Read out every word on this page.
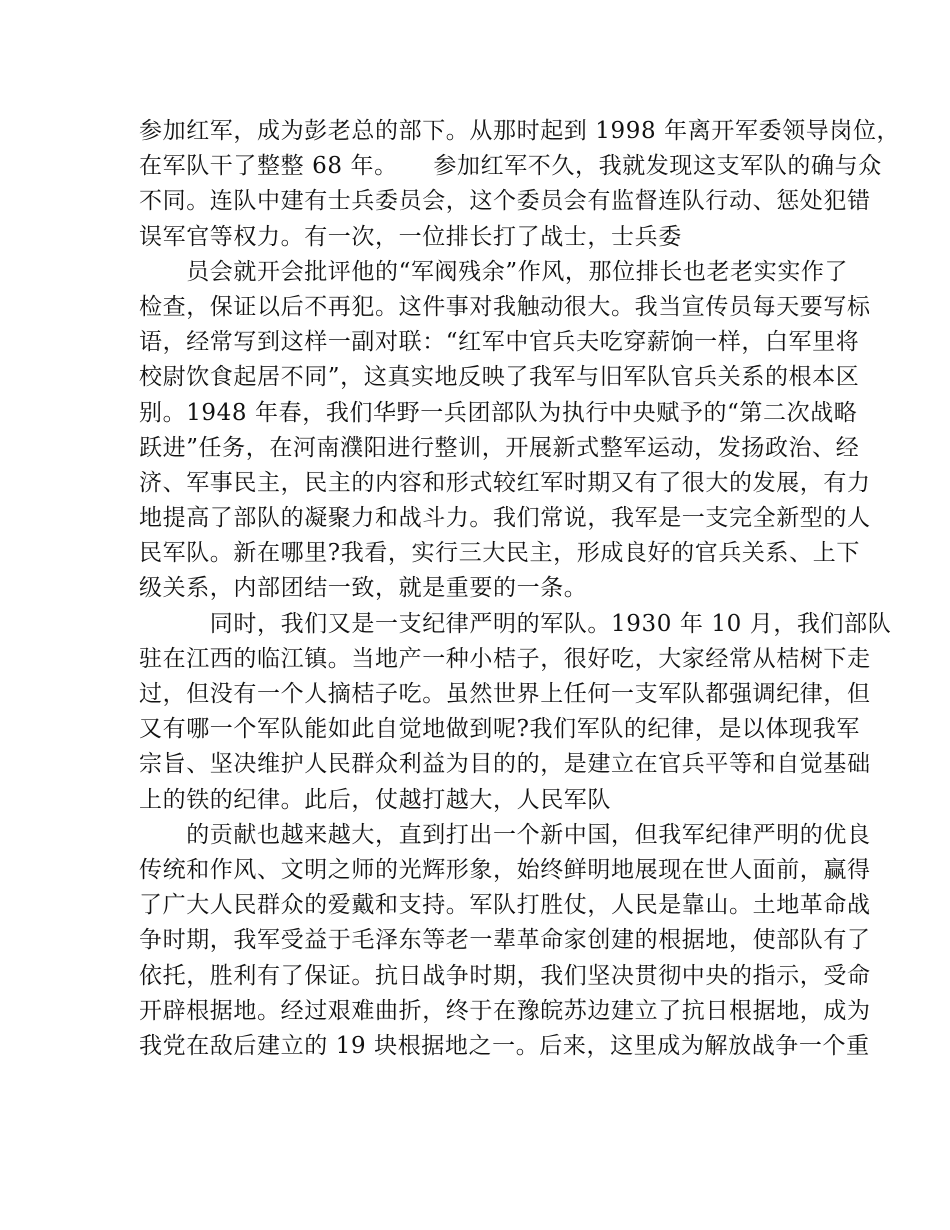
参加红军，成为彭老总的部下。从那时起到 1998 年离开军委领导岗位，
在军队干了整整 68 年。　　参加红军不久，我就发现这支军队的确与众
不同。连队中建有士兵委员会，这个委员会有监督连队行动、惩处犯错
误军官等权力。有一次，一位排长打了战士，士兵委
　　员会就开会批评他的“军阀残余”作风，那位排长也老老实实作了
检查，保证以后不再犯。这件事对我触动很大。我当宣传员每天要写标
语，经常写到这样一副对联：“红军中官兵夫吃穿薪饷一样，白军里将
校尉饮食起居不同”，这真实地反映了我军与旧军队官兵关系的根本区
别。1948 年春，我们华野一兵团部队为执行中央赋予的“第二次战略
跃进”任务，在河南濮阳进行整训，开展新式整军运动，发扬政治、经
济、军事民主，民主的内容和形式较红军时期又有了很大的发展，有力
地提高了部队的凝聚力和战斗力。我们常说，我军是一支完全新型的人
民军队。新在哪里?我看，实行三大民主，形成良好的官兵关系、上下
级关系，内部团结一致，就是重要的一条。
　　　同时，我们又是一支纪律严明的军队。1930 年 10 月，我们部队
驻在江西的临江镇。当地产一种小桔子，很好吃，大家经常从桔树下走
过，但没有一个人摘桔子吃。虽然世界上任何一支军队都强调纪律，但
又有哪一个军队能如此自觉地做到呢?我们军队的纪律，是以体现我军
宗旨、坚决维护人民群众利益为目的的，是建立在官兵平等和自觉基础
上的铁的纪律。此后，仗越打越大，人民军队
　　的贡献也越来越大，直到打出一个新中国，但我军纪律严明的优良
传统和作风、文明之师的光辉形象，始终鲜明地展现在世人面前，赢得
了广大人民群众的爱戴和支持。军队打胜仗，人民是靠山。土地革命战
争时期，我军受益于毛泽东等老一辈革命家创建的根据地，使部队有了
依托，胜利有了保证。抗日战争时期，我们坚决贯彻中央的指示，受命
开辟根据地。经过艰难曲折，终于在豫皖苏边建立了抗日根据地，成为
我党在敌后建立的 19 块根据地之一。后来，这里成为解放战争一个重
